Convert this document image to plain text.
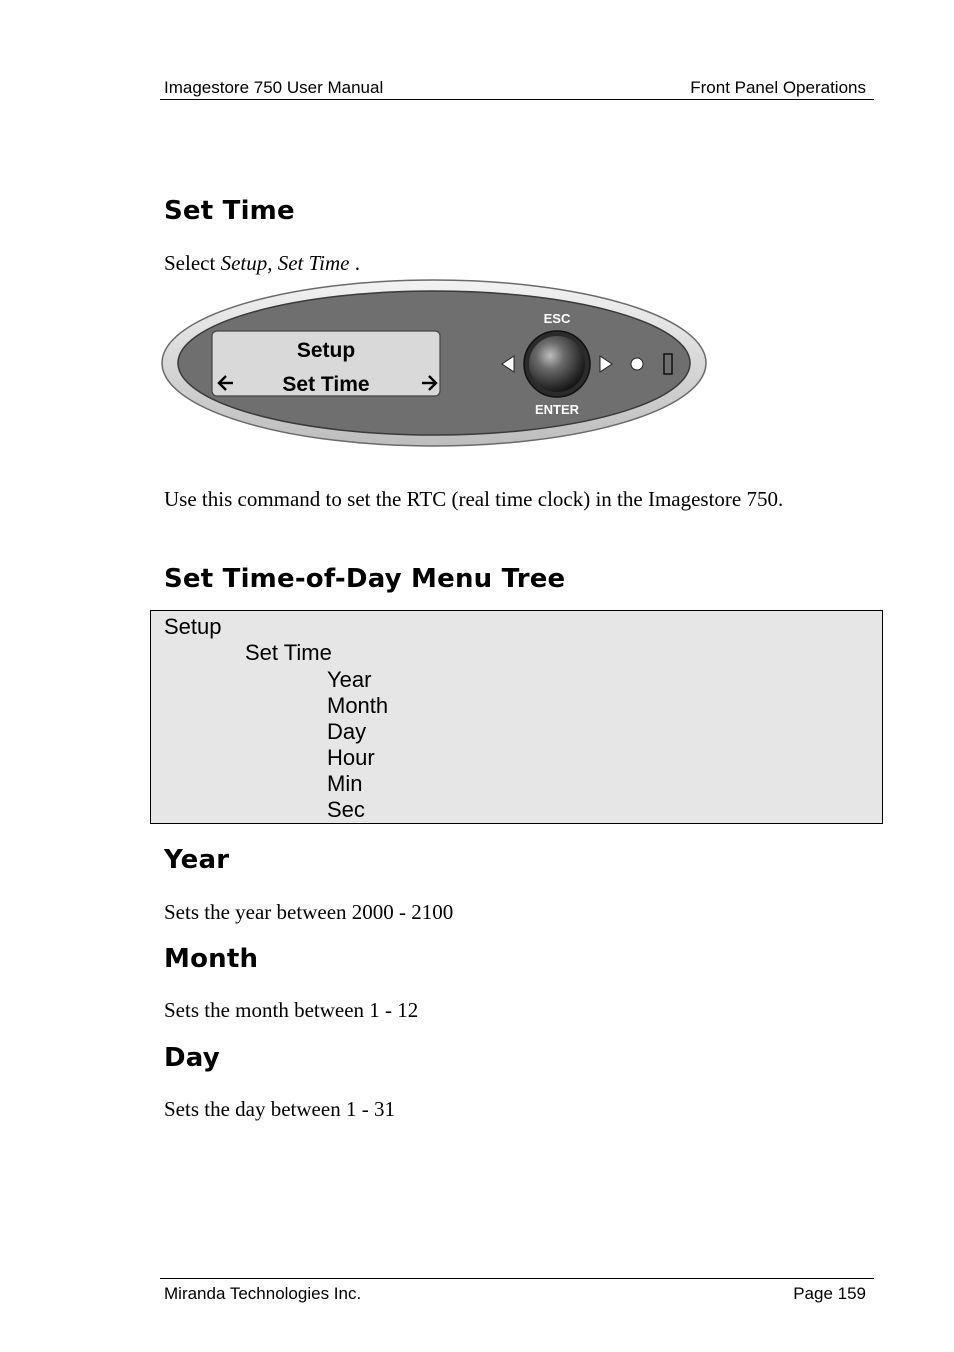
Imagestore 750 User Manual	Front Panel Operations
Set Time
Select Setup, Set Time .
Setup
Set Time
ESC
ENTER
Use this command to set the RTC (real time clock) in the Imagestore 750.
Set Time-of-Day Menu Tree
Setup
Set Time
Year
Month
Day
Hour
Min
Sec
Year
Sets the year between 2000 - 2100
Month
Sets the month between 1 - 12
Day
Sets the day between 1 - 31
Miranda Technologies Inc.	Page 159
